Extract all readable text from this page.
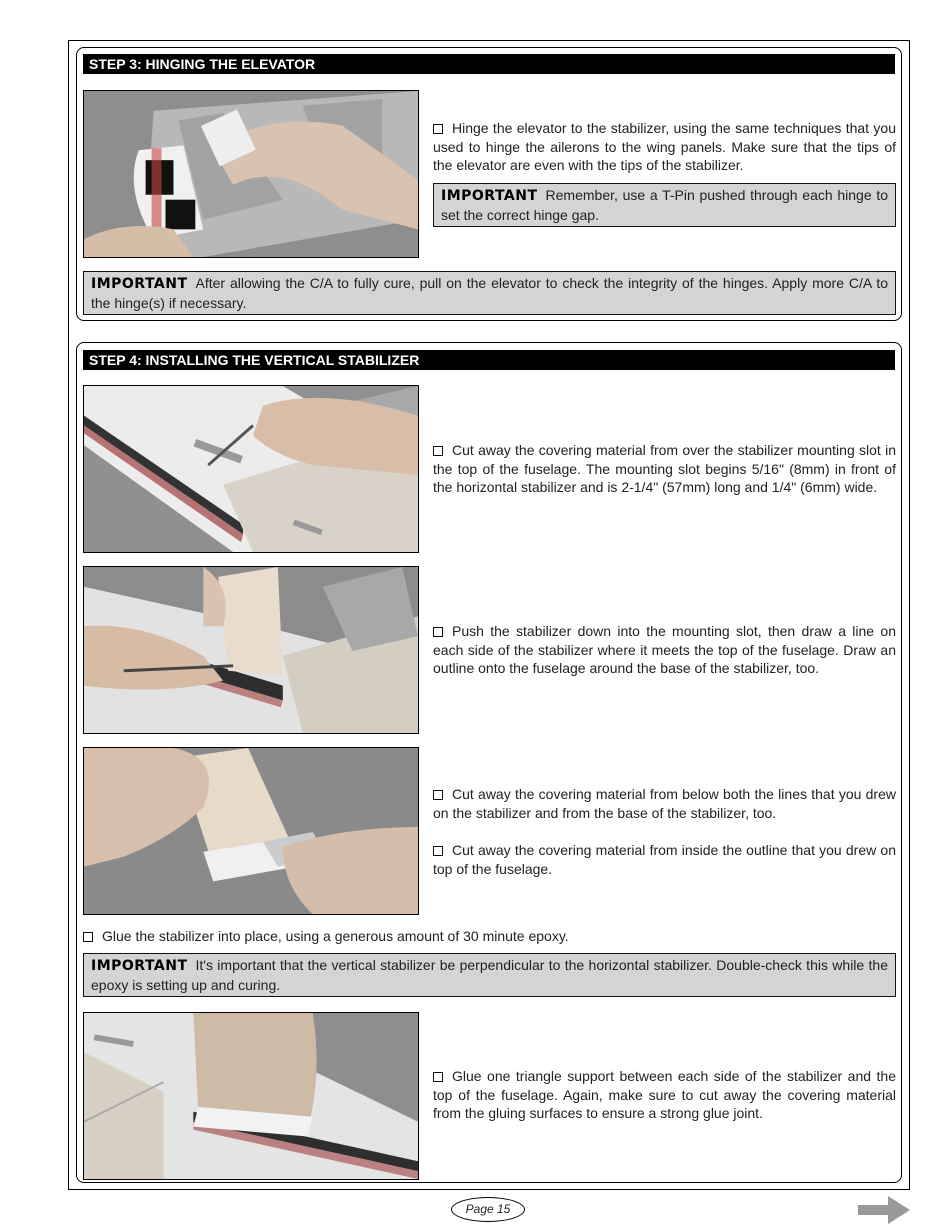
STEP 3: HINGING THE ELEVATOR
Hinge the elevator to the stabilizer, using the same techniques that you used to hinge the ailerons to the wing panels. Make sure that the tips of the elevator are even with the tips of the stabilizer.
IMPORTANT Remember, use a T-Pin pushed through each hinge to set the correct hinge gap.
IMPORTANT After allowing the C/A to fully cure, pull on the elevator to check the integrity of the hinges. Apply more C/A to the hinge(s) if necessary.
STEP 4: INSTALLING THE VERTICAL STABILIZER
Cut away the covering material from over the stabilizer mounting slot in the top of the fuselage. The mounting slot begins 5/16" (8mm) in front of the horizontal stabilizer and is 2-1/4" (57mm) long and 1/4" (6mm) wide.
Push the stabilizer down into the mounting slot, then draw a line on each side of the stabilizer where it meets the top of the fuselage. Draw an outline onto the fuselage around the base of the stabilizer, too.
Cut away the covering material from below both the lines that you drew on the stabilizer and from the base of the stabilizer, too.
Cut away the covering material from inside the outline that you drew on top of the fuselage.
Glue the stabilizer into place, using a generous amount of 30 minute epoxy.
IMPORTANT It's important that the vertical stabilizer be perpendicular to the horizontal stabilizer. Double-check this while the epoxy is setting up and curing.
Glue one triangle support between each side of the stabilizer and the top of the fuselage. Again, make sure to cut away the covering material from the gluing surfaces to ensure a strong glue joint.
Page 15
